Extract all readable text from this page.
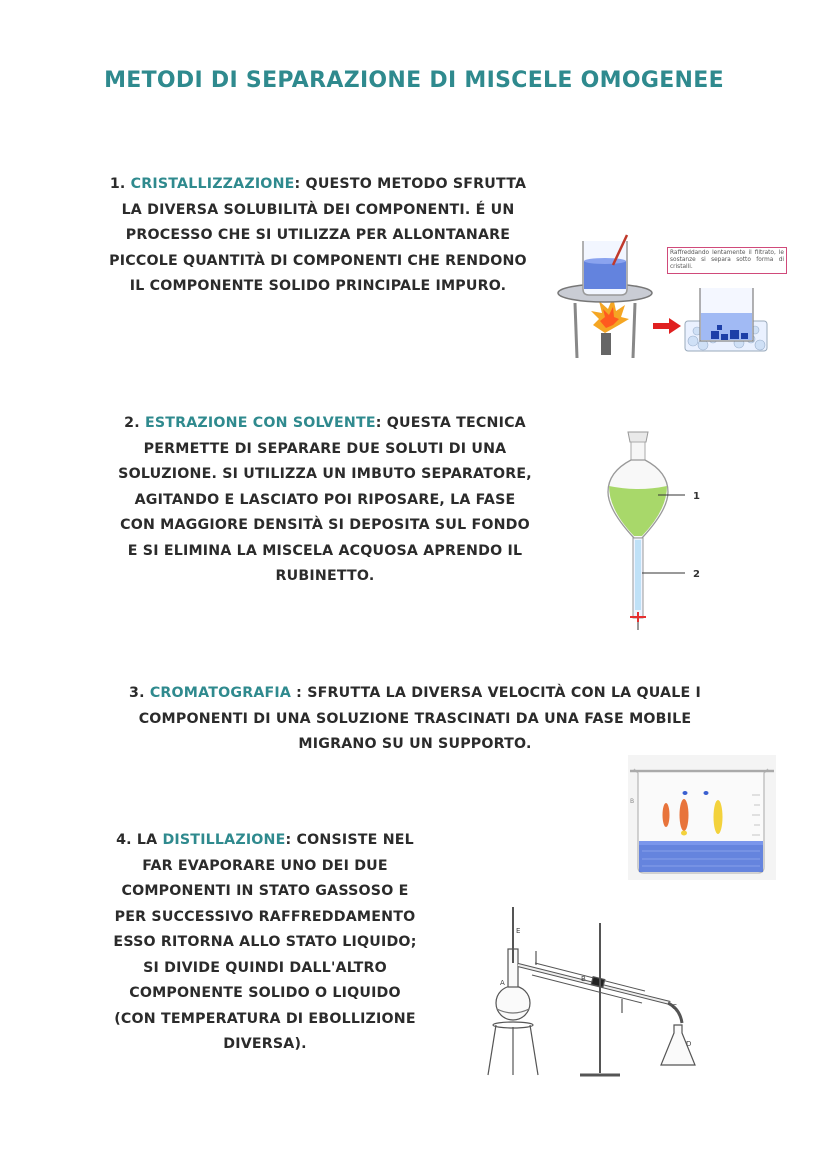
METODI DI SEPARAZIONE DI MISCELE OMOGENEE
1. CRISTALLIZZAZIONE: QUESTO METODO SFRUTTA
LA DIVERSA SOLUBILITÀ DEI COMPONENTI. É UN
PROCESSO CHE SI UTILIZZA PER ALLONTANARE
PICCOLE QUANTITÀ DI COMPONENTI CHE RENDONO
IL COMPONENTE SOLIDO PRINCIPALE IMPURO.
Raffreddando lentamente il filtrato, le sostanze si separa sotto forma di cristalli.
2. ESTRAZIONE CON SOLVENTE: QUESTA TECNICA
PERMETTE DI SEPARARE DUE SOLUTI DI UNA
SOLUZIONE. SI UTILIZZA UN IMBUTO SEPARATORE,
AGITANDO E LASCIATO POI RIPOSARE, LA FASE
CON MAGGIORE DENSITÀ SI DEPOSITA SUL FONDO
E SI ELIMINA LA MISCELA ACQUOSA APRENDO IL
RUBINETTO.
1
2
3. CROMATOGRAFIA : SFRUTTA LA DIVERSA VELOCITÀ CON LA QUALE I
COMPONENTI DI UNA SOLUZIONE TRASCINATI DA UNA FASE MOBILE
MIGRANO SU UN SUPPORTO.
B
4. LA DISTILLAZIONE: CONSISTE NEL
FAR EVAPORARE UNO DEI DUE
COMPONENTI IN STATO GASSOSO E
PER SUCCESSIVO RAFFREDDAMENTO
ESSO RITORNA ALLO STATO LIQUIDO;
SI DIVIDE QUINDI DALL'ALTRO
COMPONENTE SOLIDO O LIQUIDO
(CON TEMPERATURA DI EBOLLIZIONE
DIVERSA).
A	B
C
D
E
